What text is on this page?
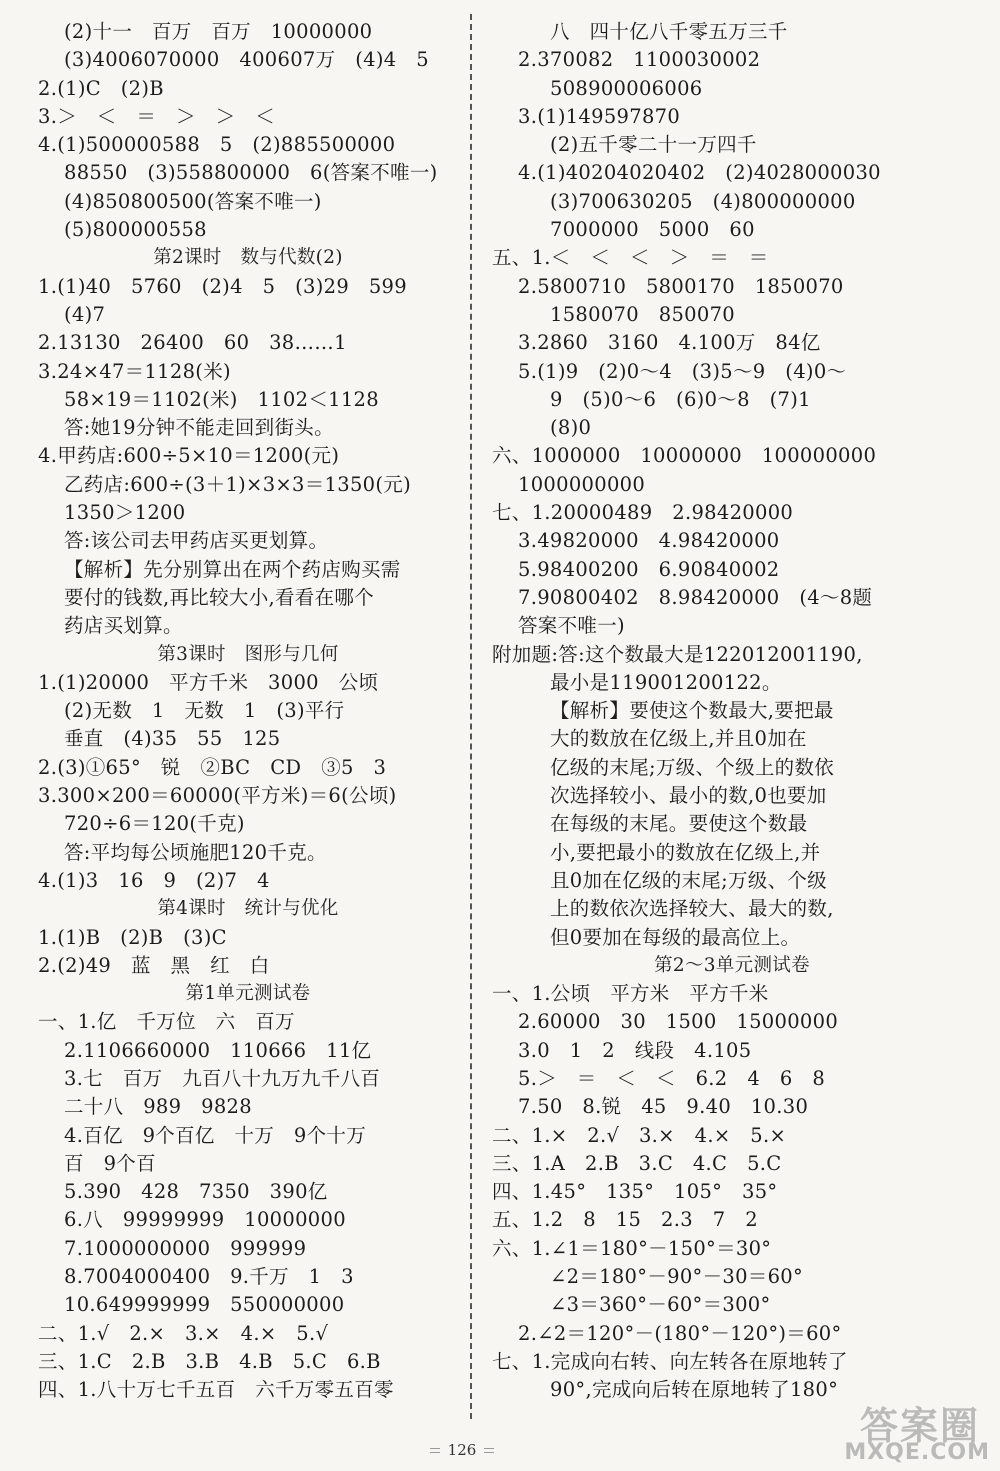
(2)十一　百万　百万　10000000
(3)4006070000　400607万　(4)4　5
2.(1)C　(2)B
3.＞　＜　＝　＞　＞　＜
4.(1)500000588　5　(2)885500000
88550　(3)558800000　6(答案不唯一)
(4)850800500(答案不唯一)
(5)800000558
第2课时　数与代数(2)
1.(1)40　5760　(2)4　5　(3)29　599
(4)7
2.13130　26400　60　38……1
3.24×47＝1128(米)
58×19＝1102(米)　1102＜1128
答:她19分钟不能走回到街头。
4.甲药店:600÷5×10＝1200(元)
乙药店:600÷(3＋1)×3×3＝1350(元)
1350＞1200
答:该公司去甲药店买更划算。
【解析】先分别算出在两个药店购买需
要付的钱数,再比较大小,看看在哪个
药店买划算。
第3课时　图形与几何
1.(1)20000　平方千米　3000　公顷
(2)无数　1　无数　1　(3)平行
垂直　(4)35　55　125
2.(3)①65°　锐　②BC　CD　③5　3
3.300×200＝60000(平方米)＝6(公顷)
720÷6＝120(千克)
答:平均每公顷施肥120千克。
4.(1)3　16　9　(2)7　4
第4课时　统计与优化
1.(1)B　(2)B　(3)C
2.(2)49　蓝　黑　红　白
第1单元测试卷
一、1.亿　千万位　六　百万
2.1106660000　110666　11亿
3.七　百万　九百八十九万九千八百
二十八　989　9828
4.百亿　9个百亿　十万　9个十万
百　9个百
5.390　428　7350　390亿
6.八　99999999　10000000
7.1000000000　999999
8.7004000400　9.千万　1　3
10.649999999　550000000
二、1.√　2.×　3.×　4.×　5.√
三、1.C　2.B　3.B　4.B　5.C　6.B
四、1.八十万七千五百　六千万零五百零
八　四十亿八千零五万三千
2.370082　1100030002
508900006006
3.(1)149597870
(2)五千零二十一万四千
4.(1)40204020402　(2)4028000030
(3)700630205　(4)800000000
7000000　5000　60
五、1.＜　＜　＜　＞　＝　＝
2.5800710　5800170　1850070
1580070　850070
3.2860　3160　4.100万　84亿
5.(1)9　(2)0～4　(3)5～9　(4)0～
9　(5)0～6　(6)0～8　(7)1
(8)0
六、1000000　10000000　100000000
1000000000
七、1.20000489　2.98420000
3.49820000　4.98420000
5.98400200　6.90840002
7.90800402　8.98420000　(4～8题
答案不唯一)
附加题:答:这个数最大是122012001190,
最小是119001200122。
【解析】要使这个数最大,要把最
大的数放在亿级上,并且0加在
亿级的末尾;万级、个级上的数依
次选择较小、最小的数,0也要加
在每级的末尾。要使这个数最
小,要把最小的数放在亿级上,并
且0加在亿级的末尾;万级、个级
上的数依次选择较大、最大的数,
但0要加在每级的最高位上。
第2～3单元测试卷
一、1.公顷　平方米　平方千米
2.60000　30　1500　15000000
3.0　1　2　线段　4.105
5.＞　＝　＜　＜　6.2　4　6　8
7.50　8.锐　45　9.40　10.30
二、1.×　2.√　3.×　4.×　5.×
三、1.A　2.B　3.C　4.C　5.C
四、1.45°　135°　105°　35°
五、1.2　8　15　2.3　7　2
六、1.∠1＝180°－150°＝30°
∠2＝180°－90°－30＝60°
∠3＝360°－60°＝300°
2.∠2＝120°－(180°－120°)＝60°
七、1.完成向右转、向左转各在原地转了
90°,完成向后转在原地转了180°
126
答案圈
MXQE.COM
